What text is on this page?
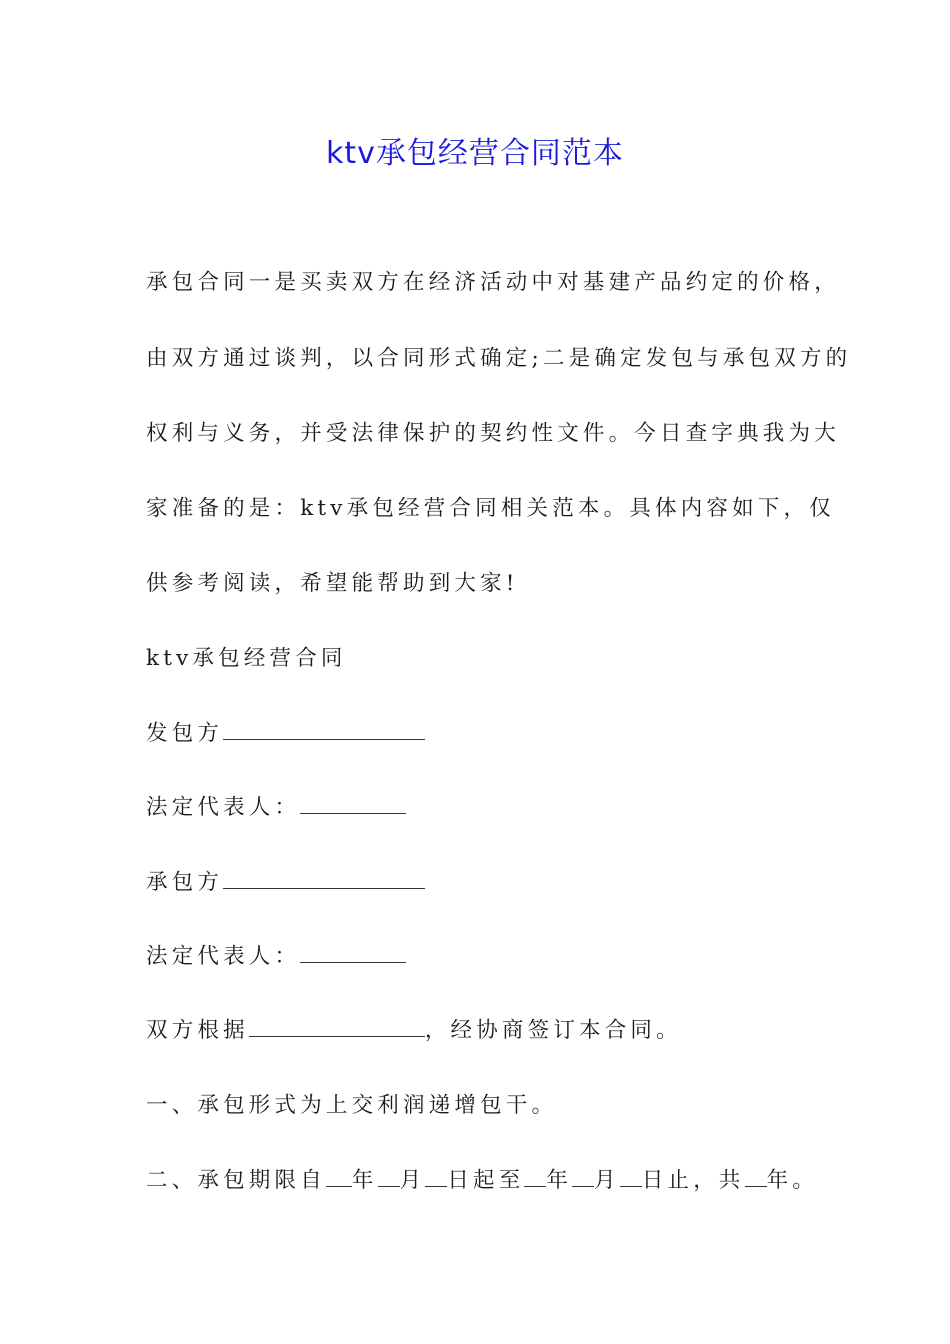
ktv承包经营合同范本

承包合同一是买卖双方在经济活动中对基建产品约定的价格，

由双方通过谈判，以合同形式确定;二是确定发包与承包双方的

权利与义务，并受法律保护的契约性文件。今日查字典我为大

家准备的是：ktv承包经营合同相关范本。具体内容如下，仅

供参考阅读，希望能帮助到大家!

ktv承包经营合同

发包方

法定代表人：

承包方

法定代表人：

双方根据	，经协商签订本合同。

一、承包形式为上交利润递增包干。

二、承包期限自 年 月 日起至 年 月 日止，共 年。
